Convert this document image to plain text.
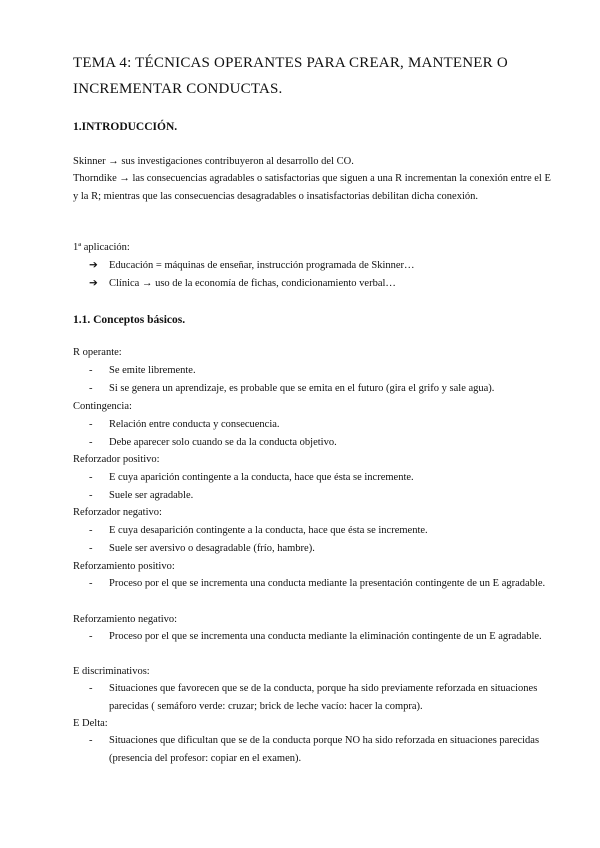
TEMA 4: TÉCNICAS OPERANTES PARA CREAR, MANTENER O INCREMENTAR CONDUCTAS.
1.INTRODUCCIÓN.
Skinner → sus investigaciones contribuyeron al desarrollo del CO.
Thorndike → las consecuencias agradables o satisfactorias que siguen a una R incrementan la conexión entre el E y la R; mientras que las consecuencias desagradables o insatisfactorias debilitan dicha conexión.
1ª aplicación:
➔ Educación = máquinas de enseñar, instrucción programada de Skinner…
➔ Clínica → uso de la economía de fichas, condicionamiento verbal…
1.1. Conceptos básicos.
R operante:
- Se emite libremente.
- Si se genera un aprendizaje, es probable que se emita en el futuro (gira el grifo y sale agua).
Contingencia:
- Relación entre conducta y consecuencia.
- Debe aparecer solo cuando se da la conducta objetivo.
Reforzador positivo:
- E cuya aparición contingente a la conducta, hace que ésta se incremente.
- Suele ser agradable.
Reforzador negativo:
- E cuya desaparición contingente a la conducta, hace que ésta se incremente.
- Suele ser aversivo o desagradable (frío, hambre).
Reforzamiento positivo:
- Proceso por el que se incrementa una conducta mediante la presentación contingente de un E agradable.
Reforzamiento negativo:
- Proceso por el que se incrementa una conducta mediante la eliminación contingente de un E agradable.
E discriminativos:
- Situaciones que favorecen que se de la conducta, porque ha sido previamente reforzada en situaciones parecidas ( semáforo verde: cruzar; brick de leche vacío: hacer la compra).
E Delta:
- Situaciones que dificultan que se de la conducta porque NO ha sido reforzada en situaciones parecidas (presencia del profesor: copiar en el examen).
